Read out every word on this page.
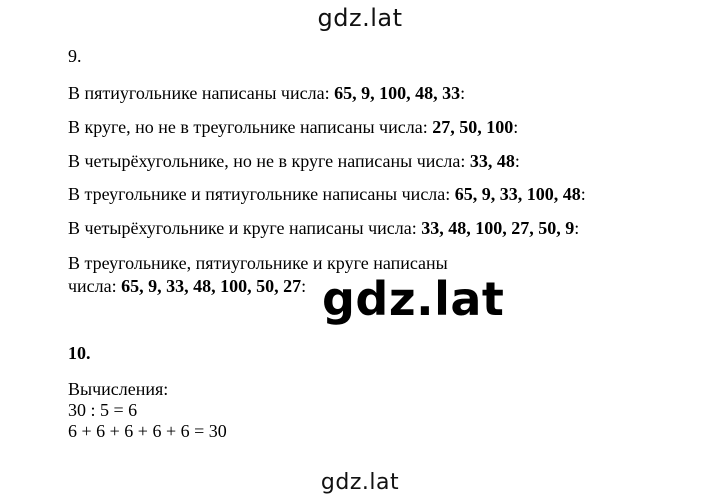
gdz.lat
9.
В пятиугольнике написаны числа: 65, 9, 100, 48, 33:
В круге, но не в треугольнике написаны числа: 27, 50, 100:
В четырёхугольнике, но не в круге написаны числа: 33, 48:
В треугольнике и пятиугольнике написаны числа: 65, 9, 33, 100, 48:
В четырёхугольнике и круге написаны числа: 33, 48, 100, 27, 50, 9:
В треугольнике, пятиугольнике и круге написаны
числа: 65, 9, 33, 48, 100, 50, 27: gdz.lat
10.
Вычисления:
30 : 5 = 6
6 + 6 + 6 + 6 + 6 = 30
gdz.lat
